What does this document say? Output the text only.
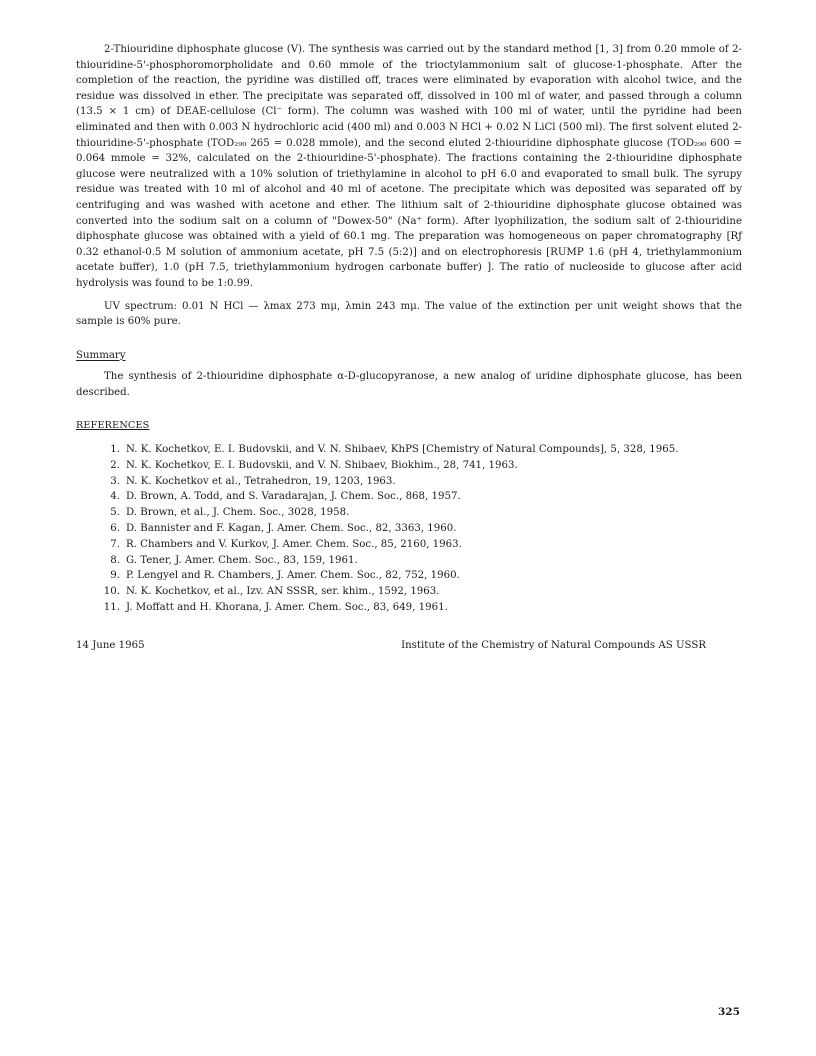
2-Thiouridine diphosphate glucose (V). The synthesis was carried out by the standard method [1, 3] from 0.20 mmole of 2-thiouridine-5'-phosphoromorpholidate and 0.60 mmole of the trioctylammonium salt of glucose-1-phosphate. After the completion of the reaction, the pyridine was distilled off, traces were eliminated by evaporation with alcohol twice, and the residue was dissolved in ether. The precipitate was separated off, dissolved in 100 ml of water, and passed through a column (13.5 × 1 cm) of DEAE-cellulose (Cl⁻ form). The column was washed with 100 ml of water, until the pyridine had been eliminated and then with 0.003 N hydrochloric acid (400 ml) and 0.003 N HCl + 0.02 N LiCl (500 ml). The first solvent eluted 2-thiouridine-5'-phosphate (TOD₂₉₀ 265 = 0.028 mmole), and the second eluted 2-thiouridine diphosphate glucose (TOD₂₉₀ 600 = 0.064 mmole = 32%, calculated on the 2-thiouridine-5'-phosphate). The fractions containing the 2-thiouridine diphosphate glucose were neutralized with a 10% solution of triethylamine in alcohol to pH 6.0 and evaporated to small bulk. The syrupy residue was treated with 10 ml of alcohol and 40 ml of acetone. The precipitate which was deposited was separated off by centrifuging and was washed with acetone and ether. The lithium salt of 2-thiouridine diphosphate glucose obtained was converted into the sodium salt on a column of "Dowex-50" (Na⁺ form). After lyophilization, the sodium salt of 2-thiouridine diphosphate glucose was obtained with a yield of 60.1 mg. The preparation was homogeneous on paper chromatography [Rƒ 0.32 ethanol-0.5 M solution of ammonium acetate, pH 7.5 (5:2)] and on electrophoresis [RUMP 1.6 (pH 4, triethylammonium acetate buffer), 1.0 (pH 7.5, triethylammonium hydrogen carbonate buffer) ]. The ratio of nucleoside to glucose after acid hydrolysis was found to be 1:0.99.

UV spectrum: 0.01 N HCl — λmax 273 mμ, λmin 243 mμ. The value of the extinction per unit weight shows that the sample is 60% pure.

Summary

The synthesis of 2-thiouridine diphosphate α-D-glucopyranose, a new analog of uridine diphosphate glucose, has been described.

REFERENCES
1. N. K. Kochetkov, E. I. Budovskii, and V. N. Shibaev, KhPS [Chemistry of Natural Compounds], 5, 328, 1965.
2. N. K. Kochetkov, E. I. Budovskii, and V. N. Shibaev, Biokhim., 28, 741, 1963.
3. N. K. Kochetkov et al., Tetrahedron, 19, 1203, 1963.
4. D. Brown, A. Todd, and S. Varadarajan, J. Chem. Soc., 868, 1957.
5. D. Brown, et al., J. Chem. Soc., 3028, 1958.
6. D. Bannister and F. Kagan, J. Amer. Chem. Soc., 82, 3363, 1960.
7. R. Chambers and V. Kurkov, J. Amer. Chem. Soc., 85, 2160, 1963.
8. G. Tener, J. Amer. Chem. Soc., 83, 159, 1961.
9. P. Lengyel and R. Chambers, J. Amer. Chem. Soc., 82, 752, 1960.
10. N. K. Kochetkov, et al., Izv. AN SSSR, ser. khim., 1592, 1963.
11. J. Moffatt and H. Khorana, J. Amer. Chem. Soc., 83, 649, 1961.
14 June 1965	Institute of the Chemistry of Natural Compounds AS USSR
325
